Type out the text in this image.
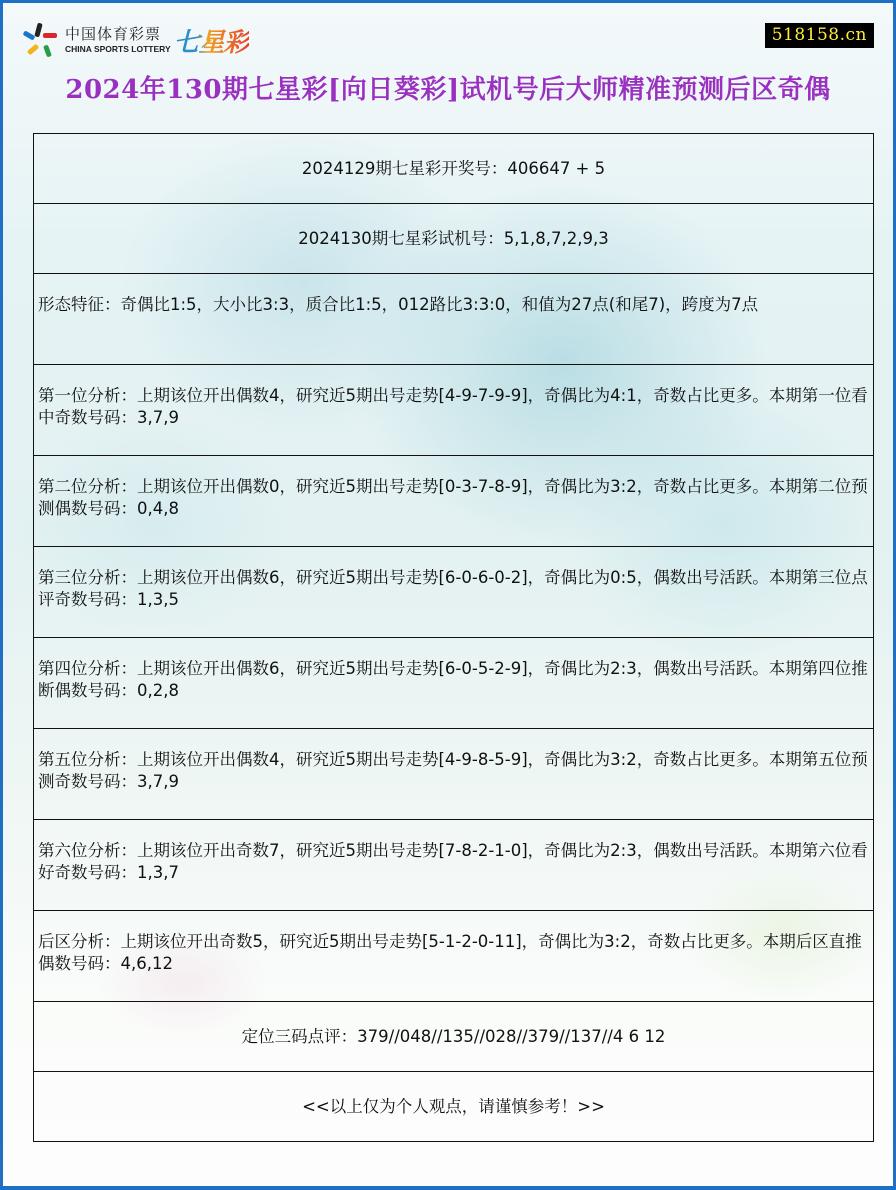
中国体育彩票
CHINA SPORTS LOTTERY 七星彩	518158.cn
2024年130期七星彩[向日葵彩]试机号后大师精准预测后区奇偶
2024129期七星彩开奖号：406647 + 5
2024130期七星彩试机号：5,1,8,7,2,9,3
形态特征：奇偶比1:5，大小比3:3，质合比1:5，012路比3:3:0，和值为27点(和尾7)，跨度为7点
第一位分析：上期该位开出偶数4，研究近5期出号走势[4-9-7-9-9]，奇偶比为4:1，奇数占比更多。本期第一位看中奇数号码：3,7,9
第二位分析：上期该位开出偶数0，研究近5期出号走势[0-3-7-8-9]，奇偶比为3:2，奇数占比更多。本期第二位预测偶数号码：0,4,8
第三位分析：上期该位开出偶数6，研究近5期出号走势[6-0-6-0-2]，奇偶比为0:5，偶数出号活跃。本期第三位点评奇数号码：1,3,5
第四位分析：上期该位开出偶数6，研究近5期出号走势[6-0-5-2-9]，奇偶比为2:3，偶数出号活跃。本期第四位推断偶数号码：0,2,8
第五位分析：上期该位开出偶数4，研究近5期出号走势[4-9-8-5-9]，奇偶比为3:2，奇数占比更多。本期第五位预测奇数号码：3,7,9
第六位分析：上期该位开出奇数7，研究近5期出号走势[7-8-2-1-0]，奇偶比为2:3，偶数出号活跃。本期第六位看好奇数号码：1,3,7
后区分析：上期该位开出奇数5，研究近5期出号走势[5-1-2-0-11]，奇偶比为3:2，奇数占比更多。本期后区直推偶数号码：4,6,12
定位三码点评：379//048//135//028//379//137//4 6 12
<<以上仅为个人观点，请谨慎参考！>>
